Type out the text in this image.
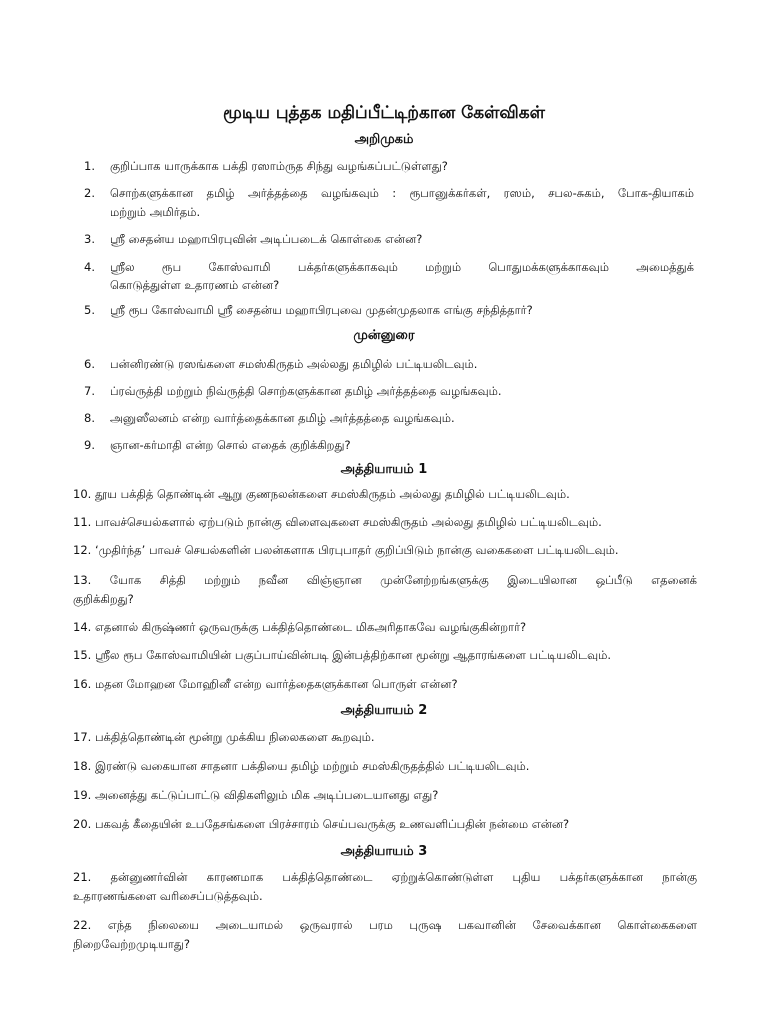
மூடிய புத்தக மதிப்பீட்டிற்கான கேள்விகள்
அறிமுகம்
1.	குறிப்பாக யாருக்காக பக்தி ரஸாம்ருத சிந்து வழங்கப்பட்டுள்ளது?
2.	சொற்களுக்கான தமிழ் அர்த்தத்தை வழங்கவும் : ரூபானுக்கர்கள், ரஸம், சபல-சுகம், போக-தியாகம்
மற்றும் அமிர்தம்.
3.	ஸ்ரீ சைதன்ய மஹாபிரபுவின் அடிப்படைக் கொள்கை என்ன?
4.	ஸ்ரீல ரூப கோஸ்வாமி பக்தர்களுக்காகவும் மற்றும் பொதுமக்களுக்காகவும் அமைத்துக்
கொடுத்துள்ள உதாரணம் என்ன?
5.	ஸ்ரீ ரூப கோஸ்வாமி ஸ்ரீ சைதன்ய மஹாபிரபுவை முதன்முதலாக எங்கு சந்தித்தார்?
முன்னுரை
6.	பன்னிரண்டு ரஸங்களை சமஸ்கிருதம் அல்லது தமிழில் பட்டியலிடவும்.
7.	ப்ரவ்ருத்தி மற்றும் நிவ்ருத்தி சொற்களுக்கான தமிழ் அர்த்தத்தை வழங்கவும்.
8.	அனுஸீலனம் என்ற வார்த்தைக்கான தமிழ் அர்த்தத்தை வழங்கவும்.
9.	ஞான-கர்மாதி என்ற சொல் எதைக் குறிக்கிறது?
அத்தியாயம் 1
10. தூய பக்தித் தொண்டின் ஆறு குணநலன்களை சமஸ்கிருதம் அல்லது தமிழில் பட்டியலிடவும்.
11. பாவச்செயல்களால் ஏற்படும் நான்கு விளைவுகளை சமஸ்கிருதம் அல்லது தமிழில் பட்டியலிடவும்.
12. ‘முதிர்ந்த’ பாவச் செயல்களின் பலன்களாக பிரபுபாதர் குறிப்பிடும் நான்கு வகைகளை பட்டியலிடவும்.
13. யோக சித்தி மற்றும் நவீன விஞ்ஞான முன்னேற்றங்களுக்கு இடையிலான ஒப்பீடு எதனைக்
குறிக்கிறது?
14. எதனால் கிருஷ்ணர் ஒருவருக்கு பக்தித்தொண்டை மிகஅரிதாகவே வழங்குகின்றார்?
15. ஸ்ரீல ரூப கோஸ்வாமியின் பகுப்பாய்வின்படி இன்பத்திற்கான மூன்று ஆதாரங்களை பட்டியலிடவும்.
16. மதன மோஹன மோஹினீ என்ற வார்த்தைகளுக்கான பொருள் என்ன?
அத்தியாயம் 2
17. பக்தித்தொண்டின் மூன்று முக்கிய நிலைகளை கூறவும்.
18. இரண்டு வகையான சாதனா பக்தியை தமிழ் மற்றும் சமஸ்கிருதத்தில் பட்டியலிடவும்.
19. அனைத்து கட்டுப்பாட்டு விதிகளிலும் மிக அடிப்படையானது எது?
20. பகவத் கீதையின் உபதேசங்களை பிரச்சாரம் செய்பவருக்கு உணவளிப்பதின் நன்மை என்ன?
அத்தியாயம் 3
21. தன்னுணர்வின் காரணமாக பக்தித்தொண்டை ஏற்றுக்கொண்டுள்ள புதிய பக்தர்களுக்கான நான்கு
உதாரணங்களை வரிசைப்படுத்தவும்.
22. எந்த நிலையை அடையாமல் ஒருவரால் பரம புருஷ பகவானின் சேவைக்கான கொள்கைகளை
நிறைவேற்றமுடியாது?
